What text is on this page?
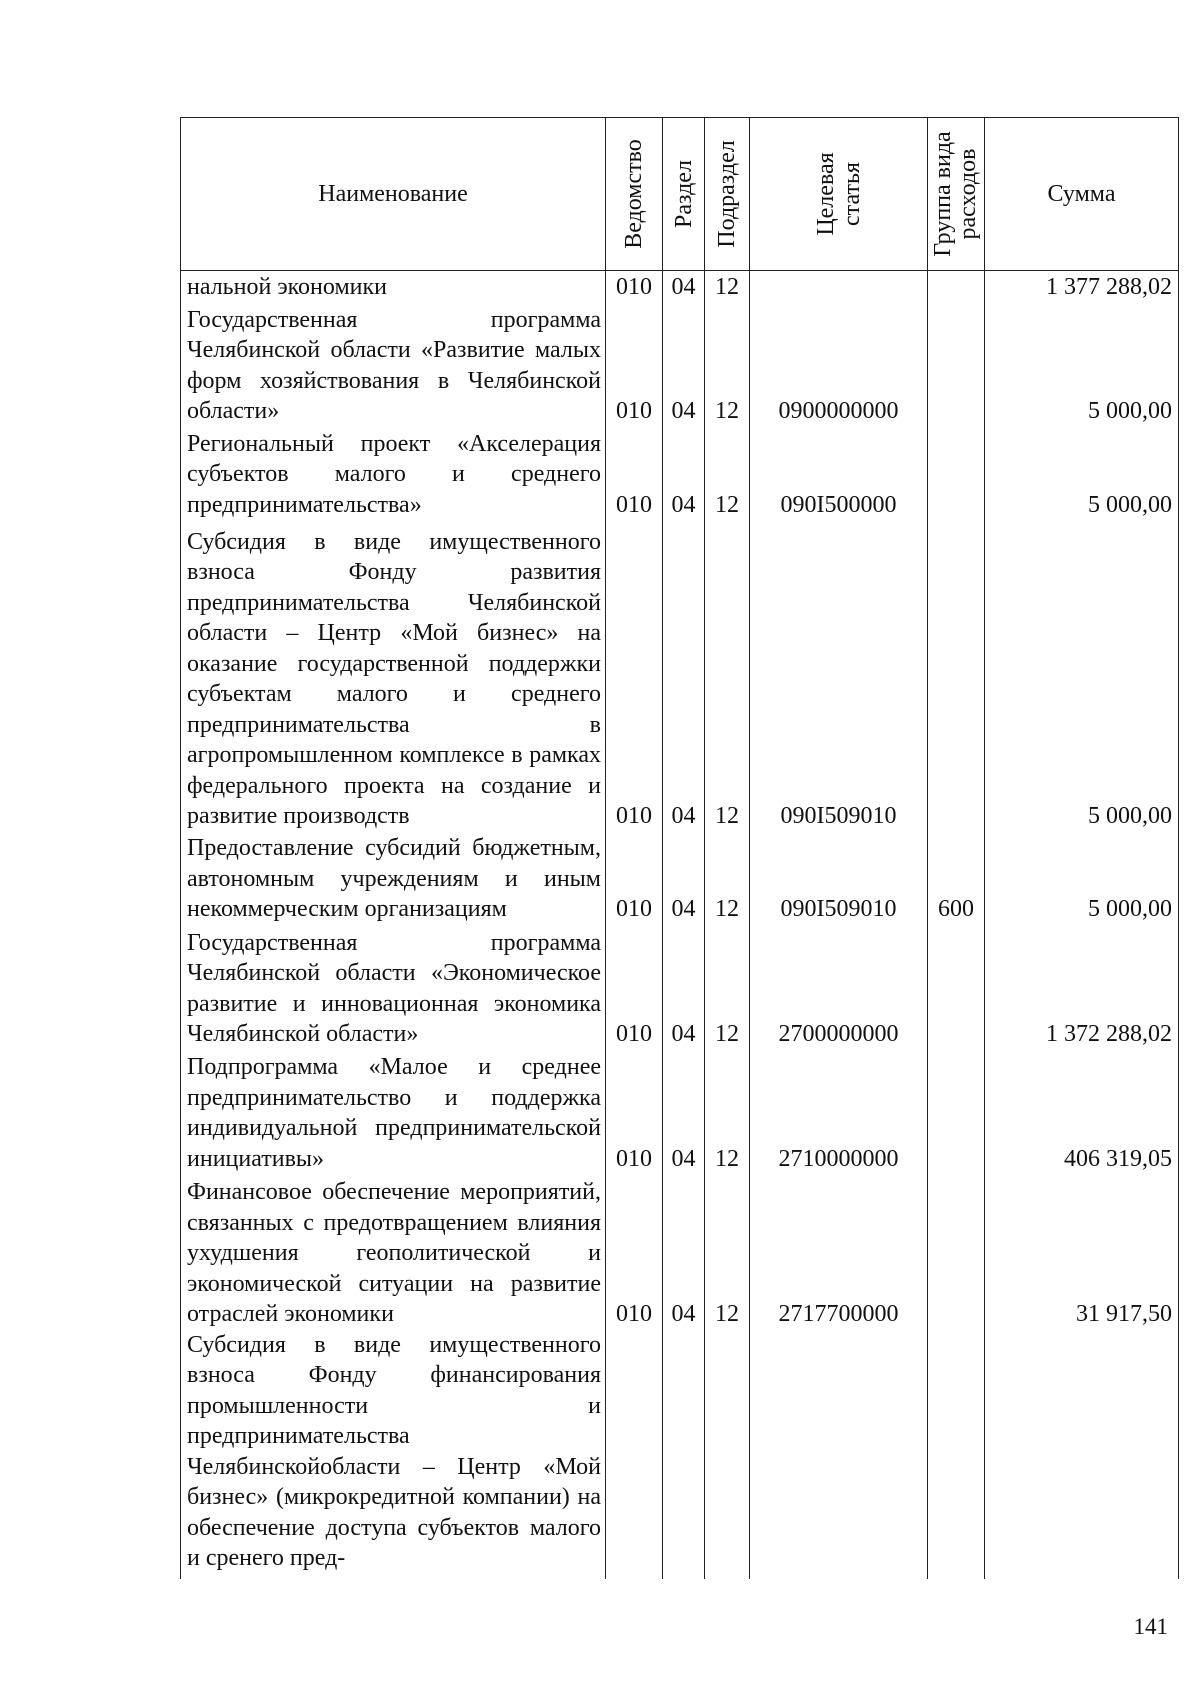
Наименование	Ведомство	Раздел	Подраздел	Целевая статья	Группа вида расходов	Сумма
нальной экономики	010	04	12			1 377 288,02
Государственная программа Челябинской области «Развитие малых форм хозяйствования в Челябинской области»	010	04	12	0900000000		5 000,00
Региональный проект «Акселерация субъектов малого и среднего предпринимательства»	010	04	12	090I500000		5 000,00
Субсидия в виде имущественного взноса Фонду развития предпринимательства Челябинской области – Центр «Мой бизнес» на оказание государственной поддержки субъектам малого и среднего предпринимательства в агропромышленном комплексе в рамках федерального проекта на создание и развитие производств	010	04	12	090I509010		5 000,00
Предоставление субсидий бюджетным, автономным учреждениям и иным некоммерческим организациям	010	04	12	090I509010	600	5 000,00
Государственная программа Челябинской области «Экономическое развитие и инновационная экономика Челябинской области»	010	04	12	2700000000		1 372 288,02
Подпрограмма «Малое и среднее предпринимательство и поддержка индивидуальной предпринимательской инициативы»	010	04	12	2710000000		406 319,05
Финансовое обеспечение мероприятий, связанных с предотвращением влияния ухудшения геополитической и экономической ситуации на развитие отраслей экономики	010	04	12	2717700000		31 917,50
Субсидия в виде имущественного взноса Фонду финансирования промышленности и предпринимательства Челябинскойобласти – Центр «Мой бизнес» (микрокредитной компании) на обеспечение доступа субъектов малого и сренего пред-						
141
